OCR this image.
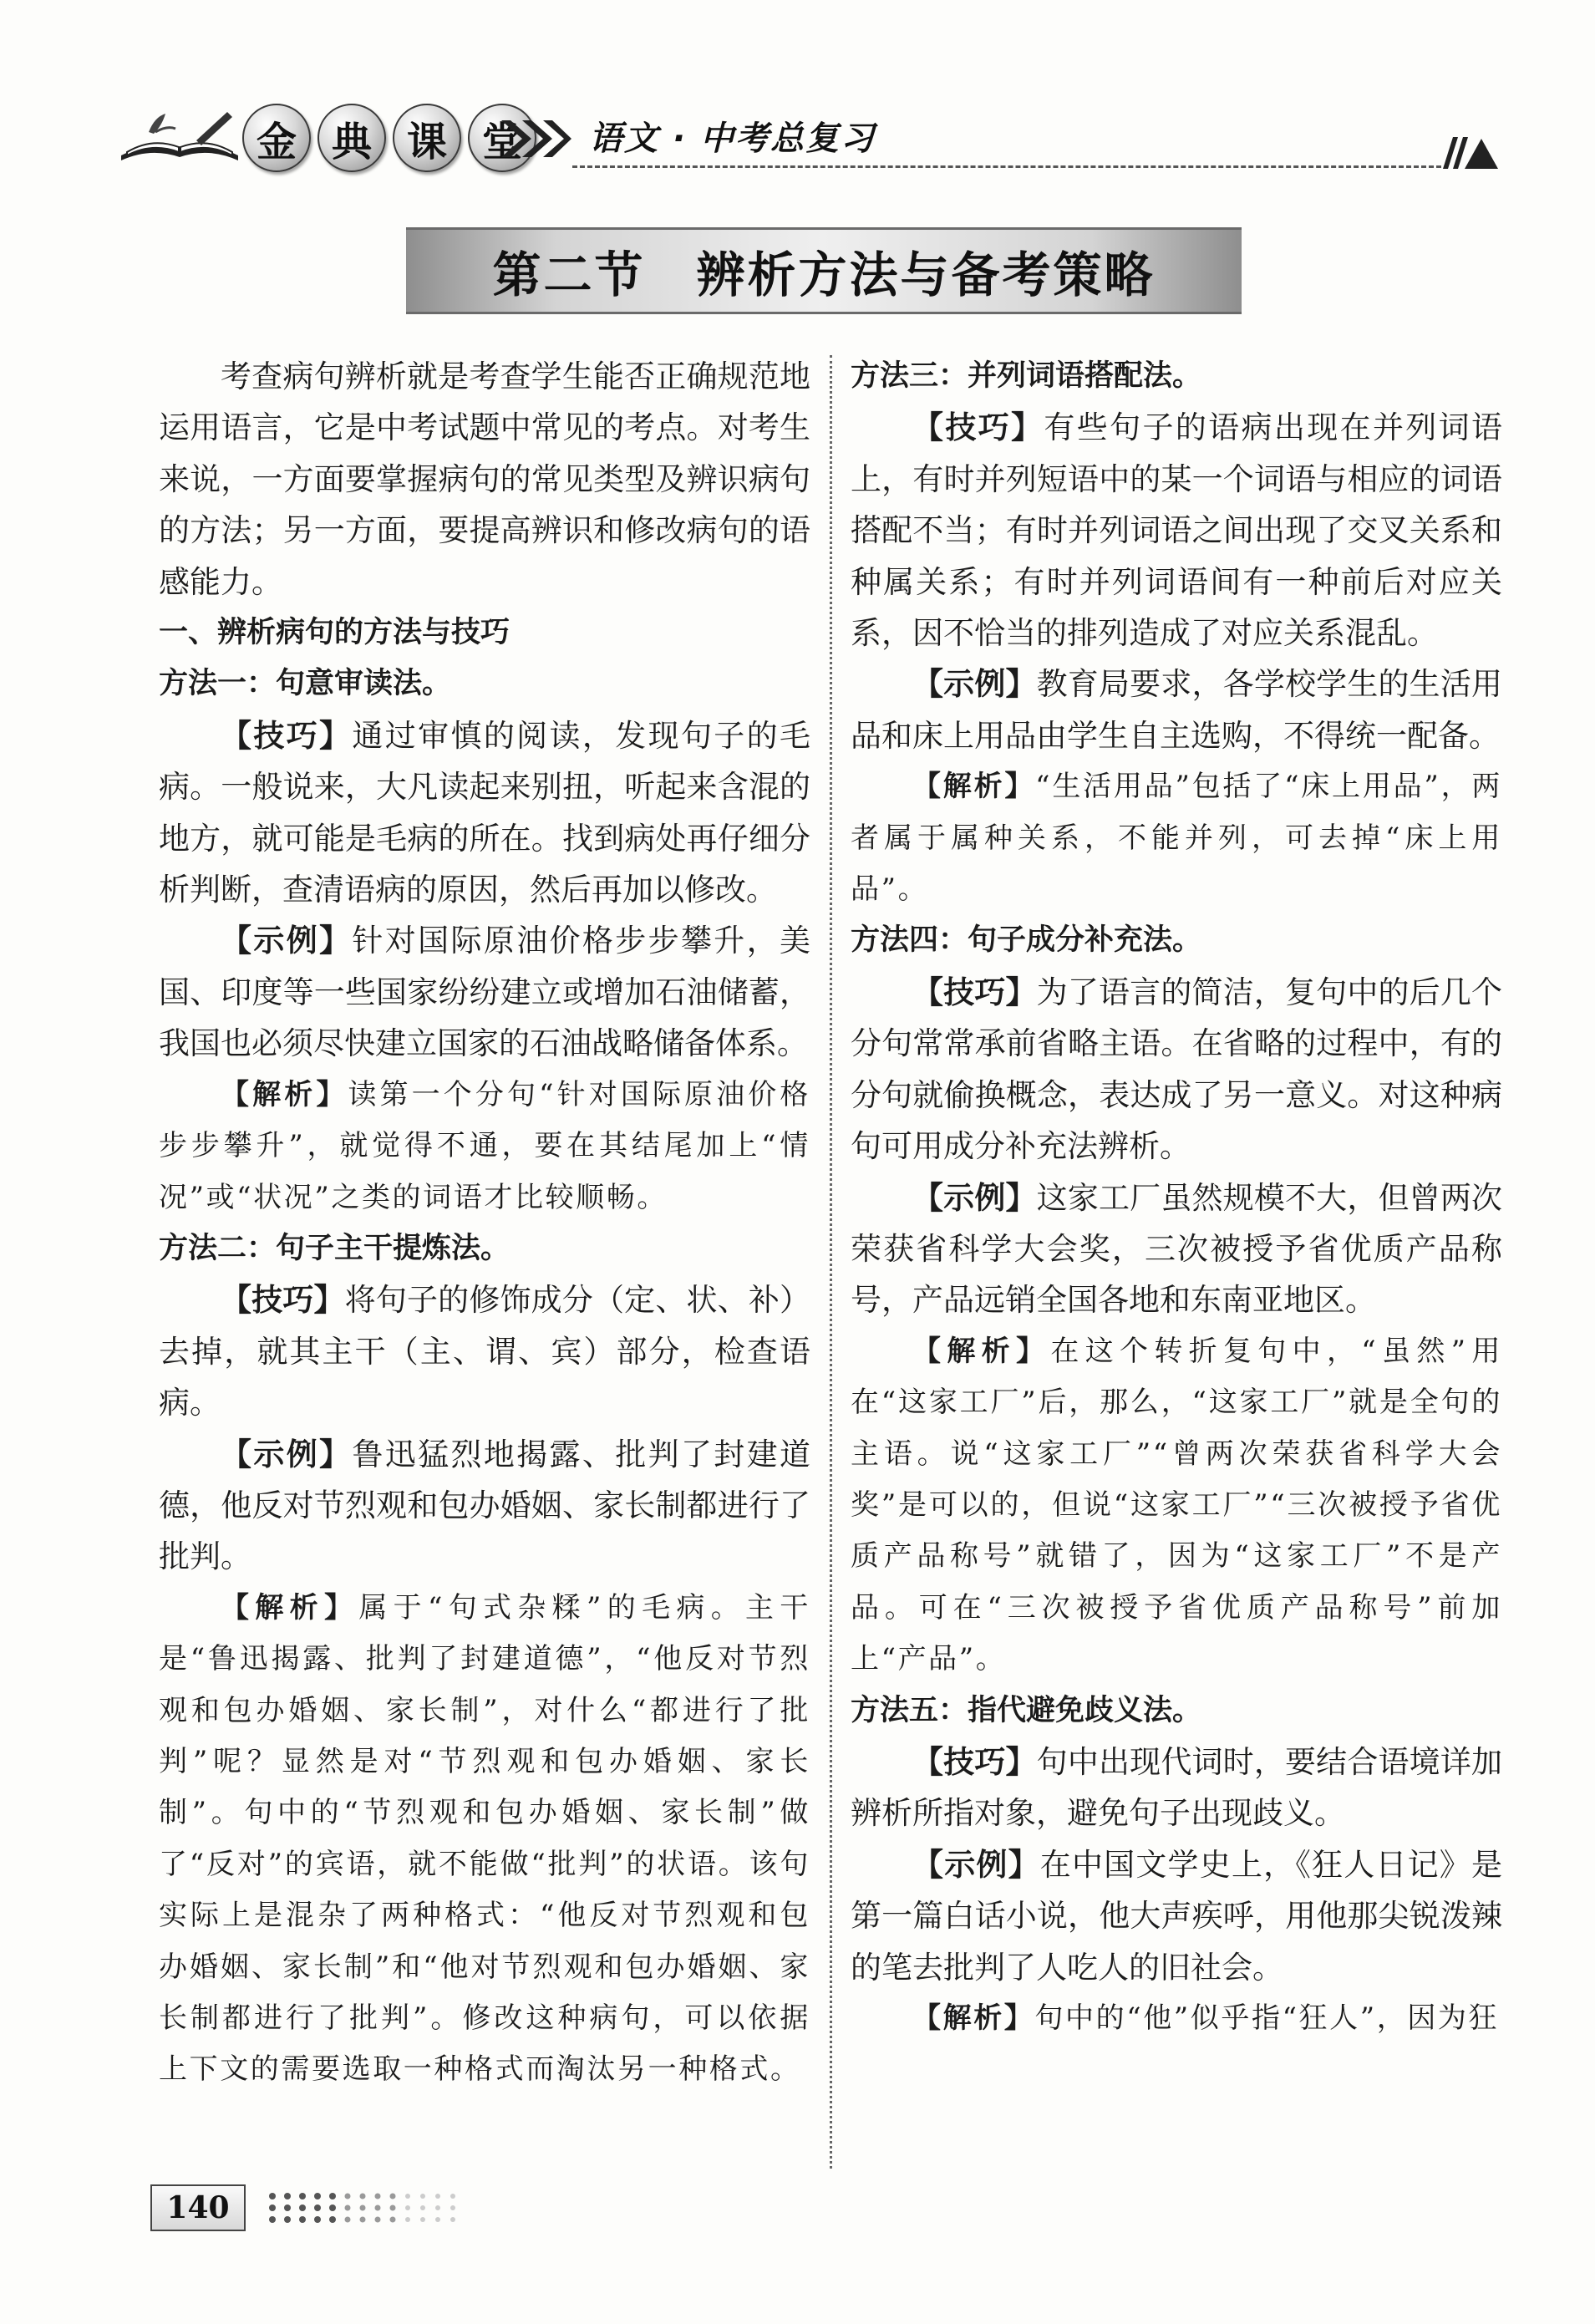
金 典 课 堂	语文 · 中考总复习
第二节　辨析方法与备考策略

考查病句辨析就是考查学生能否正确规范地运用语言，它是中考试题中常见的考点。对考生来说，一方面要掌握病句的常见类型及辨识病句的方法；另一方面，要提高辨识和修改病句的语感能力。

一、辨析病句的方法与技巧

方法一：句意审读法。

【技巧】通过审慎的阅读，发现句子的毛病。一般说来，大凡读起来别扭，听起来含混的地方，就可能是毛病的所在。找到病处再仔细分析判断，查清语病的原因，然后再加以修改。

【示例】针对国际原油价格步步攀升，美国、印度等一些国家纷纷建立或增加石油储蓄，我国也必须尽快建立国家的石油战略储备体系。

【解析】读第一个分句“针对国际原油价格步步攀升”，就觉得不通，要在其结尾加上“情况”或“状况”之类的词语才比较顺畅。

方法二：句子主干提炼法。

【技巧】将句子的修饰成分（定、状、补）去掉，就其主干（主、谓、宾）部分，检查语病。

【示例】鲁迅猛烈地揭露、批判了封建道德，他反对节烈观和包办婚姻、家长制都进行了批判。

【解析】属于“句式杂糅”的毛病。主干是“鲁迅揭露、批判了封建道德”，“他反对节烈观和包办婚姻、家长制”，对什么“都进行了批判”呢？显然是对“节烈观和包办婚姻、家长制”。句中的“节烈观和包办婚姻、家长制”做了“反对”的宾语，就不能做“批判”的状语。该句实际上是混杂了两种格式：“他反对节烈观和包办婚姻、家长制”和“他对节烈观和包办婚姻、家长制都进行了批判”。修改这种病句，可以依据上下文的需要选取一种格式而淘汰另一种格式。

方法三：并列词语搭配法。

【技巧】有些句子的语病出现在并列词语上，有时并列短语中的某一个词语与相应的词语搭配不当；有时并列词语之间出现了交叉关系和种属关系；有时并列词语间有一种前后对应关系，因不恰当的排列造成了对应关系混乱。

【示例】教育局要求，各学校学生的生活用品和床上用品由学生自主选购，不得统一配备。

【解析】“生活用品”包括了“床上用品”，两者属于属种关系，不能并列，可去掉“床上用品”。

方法四：句子成分补充法。

【技巧】为了语言的简洁，复句中的后几个分句常常承前省略主语。在省略的过程中，有的分句就偷换概念，表达成了另一意义。对这种病句可用成分补充法辨析。

【示例】这家工厂虽然规模不大，但曾两次荣获省科学大会奖，三次被授予省优质产品称号，产品远销全国各地和东南亚地区。

【解析】在这个转折复句中，“虽然”用在“这家工厂”后，那么，“这家工厂”就是全句的主语。说“这家工厂”“曾两次荣获省科学大会奖”是可以的，但说“这家工厂”“三次被授予省优质产品称号”就错了，因为“这家工厂”不是产品。可在“三次被授予省优质产品称号”前加上“产品”。

方法五：指代避免歧义法。

【技巧】句中出现代词时，要结合语境详加辨析所指对象，避免句子出现歧义。

【示例】在中国文学史上，《狂人日记》是第一篇白话小说，他大声疾呼，用他那尖锐泼辣的笔去批判了人吃人的旧社会。

【解析】句中的“他”似乎指“狂人”，因为狂

140
